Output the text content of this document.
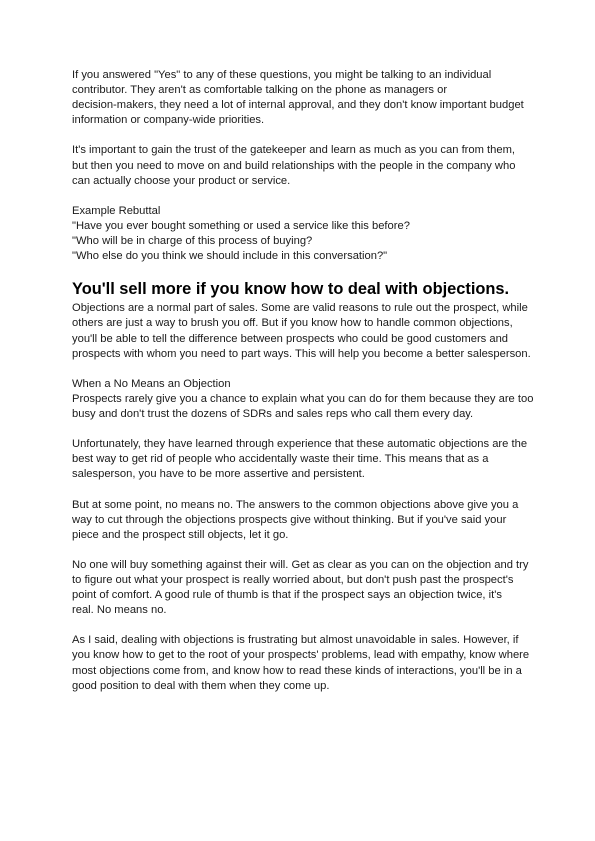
If you answered "Yes" to any of these questions, you might be talking to an individual
contributor. They aren't as comfortable talking on the phone as managers or
decision-makers, they need a lot of internal approval, and they don't know important budget
information or company-wide priorities.
It's important to gain the trust of the gatekeeper and learn as much as you can from them,
but then you need to move on and build relationships with the people in the company who
can actually choose your product or service.
Example Rebuttal
"Have you ever bought something or used a service like this before?
"Who will be in charge of this process of buying?
"Who else do you think we should include in this conversation?"
You'll sell more if you know how to deal with objections.
Objections are a normal part of sales. Some are valid reasons to rule out the prospect, while
others are just a way to brush you off. But if you know how to handle common objections,
you'll be able to tell the difference between prospects who could be good customers and
prospects with whom you need to part ways. This will help you become a better salesperson.
When a No Means an Objection
Prospects rarely give you a chance to explain what you can do for them because they are too
busy and don't trust the dozens of SDRs and sales reps who call them every day.
Unfortunately, they have learned through experience that these automatic objections are the
best way to get rid of people who accidentally waste their time. This means that as a
salesperson, you have to be more assertive and persistent.
But at some point, no means no. The answers to the common objections above give you a
way to cut through the objections prospects give without thinking. But if you've said your
piece and the prospect still objects, let it go.
No one will buy something against their will. Get as clear as you can on the objection and try
to figure out what your prospect is really worried about, but don't push past the prospect's
point of comfort. A good rule of thumb is that if the prospect says an objection twice, it's
real. No means no.
As I said, dealing with objections is frustrating but almost unavoidable in sales. However, if
you know how to get to the root of your prospects' problems, lead with empathy, know where
most objections come from, and know how to read these kinds of interactions, you'll be in a
good position to deal with them when they come up.
